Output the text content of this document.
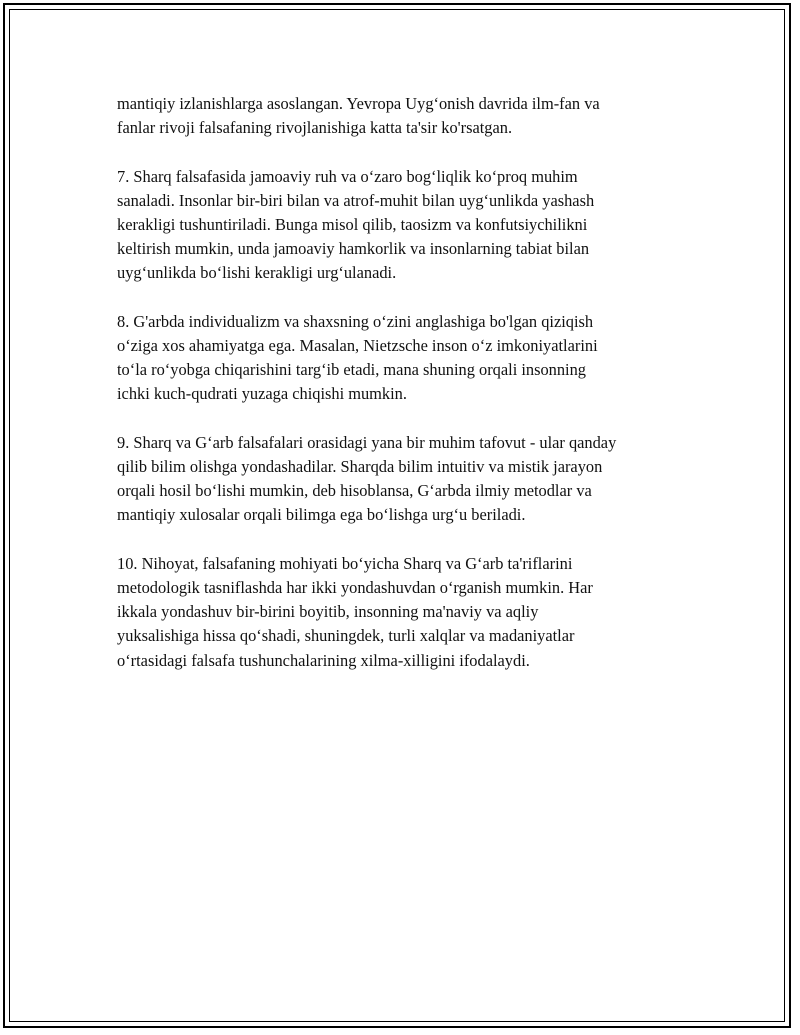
mantiqiy izlanishlarga asoslangan. Yevropa Uyg‘onish davrida ilm-fan va
fanlar rivoji falsafaning rivojlanishiga katta ta'sir ko'rsatgan.

7. Sharq falsafasida jamoaviy ruh va o‘zaro bog‘liqlik ko‘proq muhim
sanaladi. Insonlar bir-biri bilan va atrof-muhit bilan uyg‘unlikda yashash
kerakligi tushuntiriladi. Bunga misol qilib, taosizm va konfutsiychilikni
keltirish mumkin, unda jamoaviy hamkorlik va insonlarning tabiat bilan
uyg‘unlikda bo‘lishi kerakligi urg‘ulanadi.

8. G'arbda individualizm va shaxsning o‘zini anglashiga bo'lgan qiziqish
o‘ziga xos ahamiyatga ega. Masalan, Nietzsche inson o‘z imkoniyatlarini
to‘la ro‘yobga chiqarishini targ‘ib etadi, mana shuning orqali insonning
ichki kuch-qudrati yuzaga chiqishi mumkin.

9. Sharq va G‘arb falsafalari orasidagi yana bir muhim tafovut - ular qanday
qilib bilim olishga yondashadilar. Sharqda bilim intuitiv va mistik jarayon
orqali hosil bo‘lishi mumkin, deb hisoblansa, G‘arbda ilmiy metodlar va
mantiqiy xulosalar orqali bilimga ega bo‘lishga urg‘u beriladi.

10. Nihoyat, falsafaning mohiyati bo‘yicha Sharq va G‘arb ta'riflarini
metodologik tasniflashda har ikki yondashuvdan o‘rganish mumkin. Har
ikkala yondashuv bir-birini boyitib, insonning ma'naviy va aqliy
yuksalishiga hissa qo‘shadi, shuningdek, turli xalqlar va madaniyatlar
o‘rtasidagi falsafa tushunchalarining xilma-xilligini ifodalaydi.
